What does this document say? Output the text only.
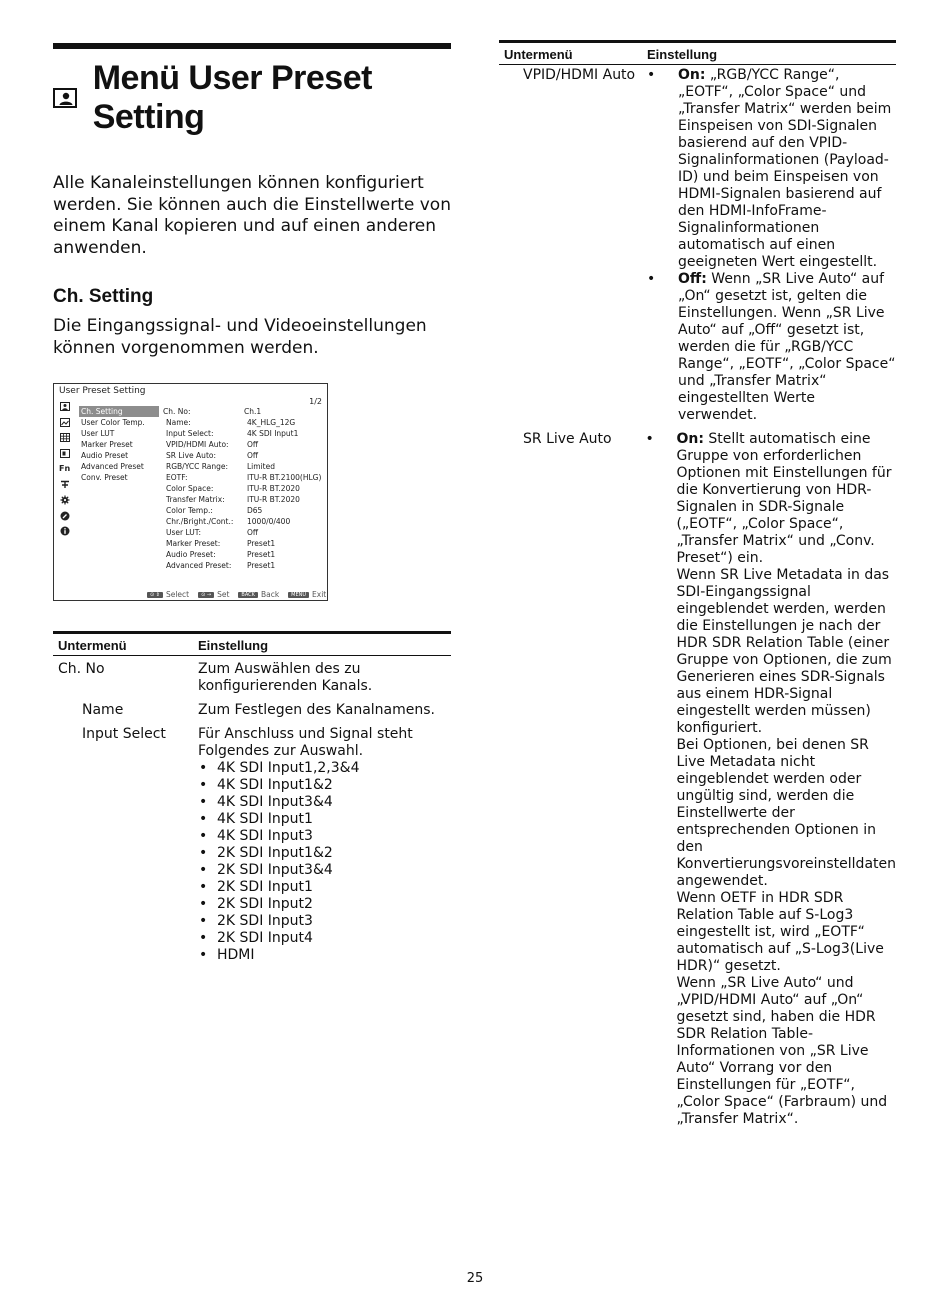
Menü User Preset Setting
Alle Kanaleinstellungen können konfiguriert werden. Sie können auch die Einstellwerte von einem Kanal kopieren und auf einen anderen anwenden.
Ch. Setting
Die Eingangssignal- und Videoeinstellungen können vorgenommen werden.
User Preset Setting
1/2
Fn
Ch. Setting
User Color Temp.
User LUT
Marker Preset
Audio Preset
Advanced Preset
Conv. Preset
Ch. No:	Ch.1
Name:	4K_HLG_12G
Input Select:	4K SDI Input1
VPID/HDMI Auto:	Off
SR Live Auto:	Off
RGB/YCC Range:	Limited
EOTF:	ITU-R BT.2100(HLG)
Color Space:	ITU-R BT.2020
Transfer Matrix:	ITU-R BT.2020
Color Temp.:	D65
Chr./Bright./Cont.:	1000/0/400
User LUT:	Off
Marker Preset:	Preset1
Audio Preset:	Preset1
Advanced Preset:	Preset1
⊙ ⇕ Select	⊙ → Set	BACK Back	MENU Exit
Untermenü	Einstellung
Ch. No	Zum Auswählen des zu konfigurierenden Kanals.
Name	Zum Festlegen des Kanalnamens.
Input Select	Für Anschluss und Signal steht Folgendes zur Auswahl.
• 4K SDI Input1,2,3&4
• 4K SDI Input1&2
• 4K SDI Input3&4
• 4K SDI Input1
• 4K SDI Input3
• 2K SDI Input1&2
• 2K SDI Input3&4
• 2K SDI Input1
• 2K SDI Input2
• 2K SDI Input3
• 2K SDI Input4
• HDMI
Untermenü	Einstellung
VPID/HDMI Auto	• On: „RGB/YCC Range“, „EOTF“, „Color Space“ und „Transfer Matrix“ werden beim Einspeisen von SDI-Signalen basierend auf den VPID-Signalinformationen (Payload-ID) und beim Einspeisen von HDMI-Signalen basierend auf den HDMI-InfoFrame-Signalinformationen automatisch auf einen geeigneten Wert eingestellt.
• Off: Wenn „SR Live Auto“ auf „On“ gesetzt ist, gelten die Einstellungen. Wenn „SR Live Auto“ auf „Off“ gesetzt ist, werden die für „RGB/YCC Range“, „EOTF“, „Color Space“ und „Transfer Matrix“ eingestellten Werte verwendet.
SR Live Auto	• On: Stellt automatisch eine Gruppe von erforderlichen Optionen mit Einstellungen für die Konvertierung von HDR-Signalen in SDR-Signale („EOTF“, „Color Space“, „Transfer Matrix“ und „Conv. Preset“) ein.
Wenn SR Live Metadata in das SDI-Eingangssignal eingeblendet werden, werden die Einstellungen je nach der HDR SDR Relation Table (einer Gruppe von Optionen, die zum Generieren eines SDR-Signals aus einem HDR-Signal eingestellt werden müssen) konfiguriert.
Bei Optionen, bei denen SR Live Metadata nicht eingeblendet werden oder ungültig sind, werden die Einstellwerte der entsprechenden Optionen in den Konvertierungsvoreinstelldaten angewendet.
Wenn OETF in HDR SDR Relation Table auf S-Log3 eingestellt ist, wird „EOTF“ automatisch auf „S-Log3(Live HDR)“ gesetzt.
Wenn „SR Live Auto“ und „VPID/HDMI Auto“ auf „On“ gesetzt sind, haben die HDR SDR Relation Table-Informationen von „SR Live Auto“ Vorrang vor den Einstellungen für „EOTF“, „Color Space“ (Farbraum) und „Transfer Matrix“.
25
